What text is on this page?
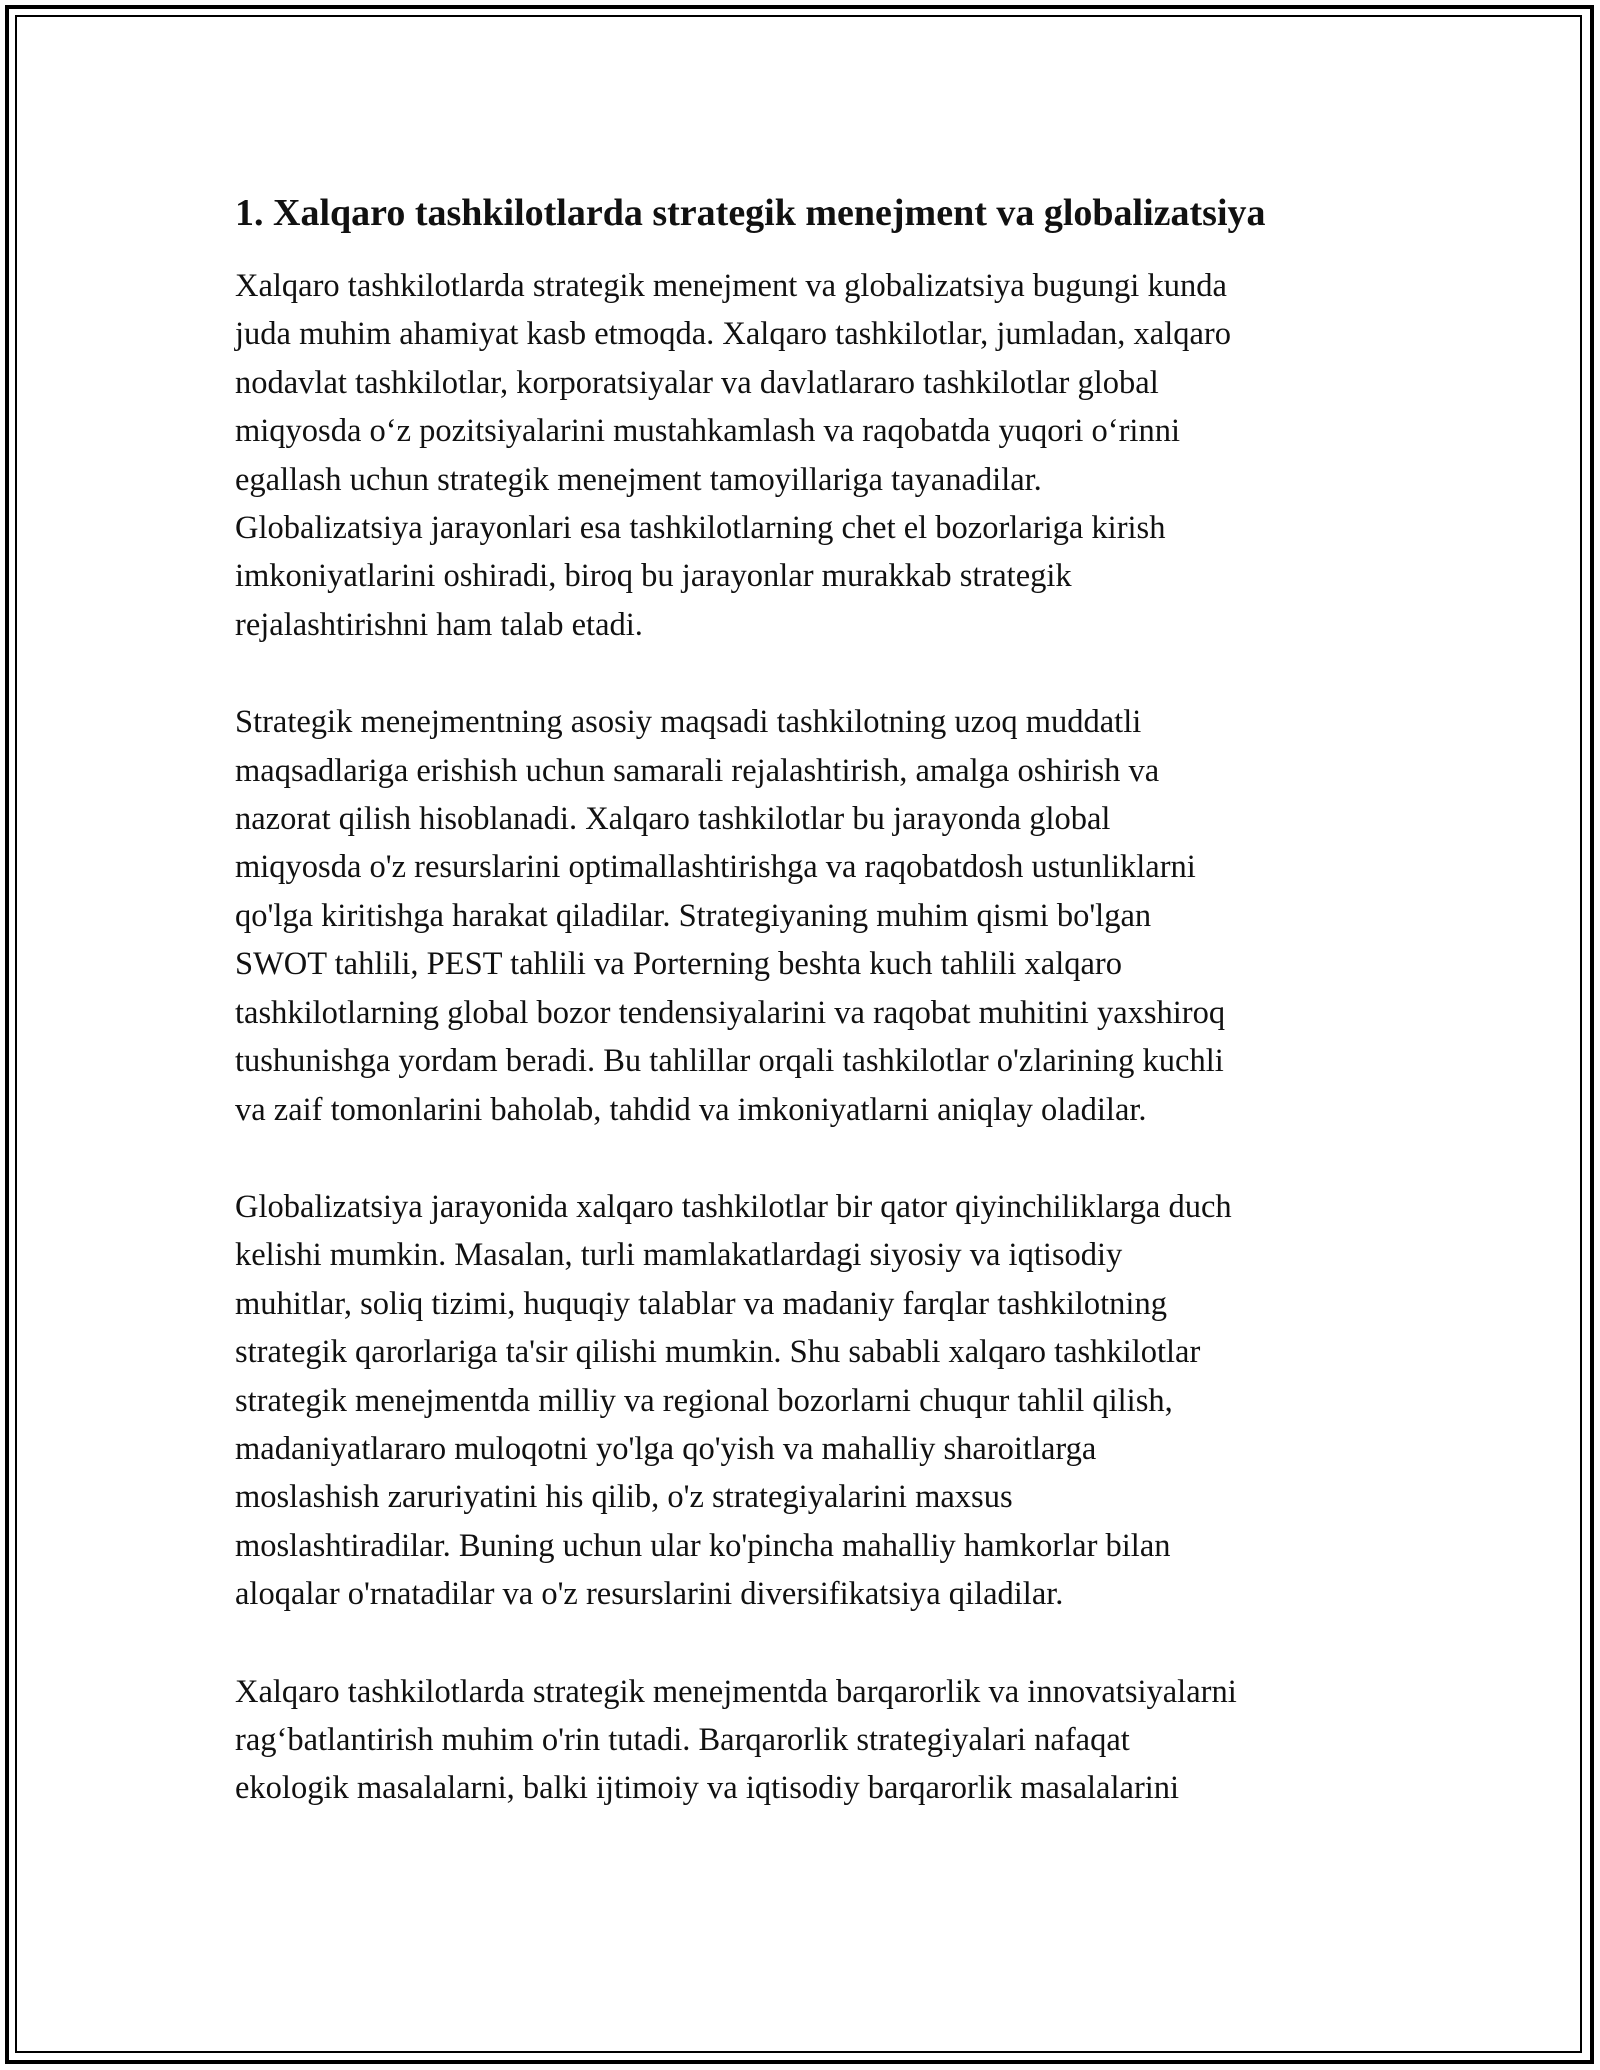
1. Xalqaro tashkilotlarda strategik menejment va globalizatsiya

Xalqaro tashkilotlarda strategik menejment va globalizatsiya bugungi kunda
juda muhim ahamiyat kasb etmoqda. Xalqaro tashkilotlar, jumladan, xalqaro
nodavlat tashkilotlar, korporatsiyalar va davlatlararo tashkilotlar global
miqyosda o‘z pozitsiyalarini mustahkamlash va raqobatda yuqori o‘rinni
egallash uchun strategik menejment tamoyillariga tayanadilar.
Globalizatsiya jarayonlari esa tashkilotlarning chet el bozorlariga kirish
imkoniyatlarini oshiradi, biroq bu jarayonlar murakkab strategik
rejalashtirishni ham talab etadi.

Strategik menejmentning asosiy maqsadi tashkilotning uzoq muddatli
maqsadlariga erishish uchun samarali rejalashtirish, amalga oshirish va
nazorat qilish hisoblanadi. Xalqaro tashkilotlar bu jarayonda global
miqyosda o'z resurslarini optimallashtirishga va raqobatdosh ustunliklarni
qo'lga kiritishga harakat qiladilar. Strategiyaning muhim qismi bo'lgan
SWOT tahlili, PEST tahlili va Porterning beshta kuch tahlili xalqaro
tashkilotlarning global bozor tendensiyalarini va raqobat muhitini yaxshiroq
tushunishga yordam beradi. Bu tahlillar orqali tashkilotlar o'zlarining kuchli
va zaif tomonlarini baholab, tahdid va imkoniyatlarni aniqlay oladilar.

Globalizatsiya jarayonida xalqaro tashkilotlar bir qator qiyinchiliklarga duch
kelishi mumkin. Masalan, turli mamlakatlardagi siyosiy va iqtisodiy
muhitlar, soliq tizimi, huquqiy talablar va madaniy farqlar tashkilotning
strategik qarorlariga ta'sir qilishi mumkin. Shu sababli xalqaro tashkilotlar
strategik menejmentda milliy va regional bozorlarni chuqur tahlil qilish,
madaniyatlararo muloqotni yo'lga qo'yish va mahalliy sharoitlarga
moslashish zaruriyatini his qilib, o'z strategiyalarini maxsus
moslashtiradilar. Buning uchun ular ko'pincha mahalliy hamkorlar bilan
aloqalar o'rnatadilar va o'z resurslarini diversifikatsiya qiladilar.

Xalqaro tashkilotlarda strategik menejmentda barqarorlik va innovatsiyalarni
rag‘batlantirish muhim o'rin tutadi. Barqarorlik strategiyalari nafaqat
ekologik masalalarni, balki ijtimoiy va iqtisodiy barqarorlik masalalarini
